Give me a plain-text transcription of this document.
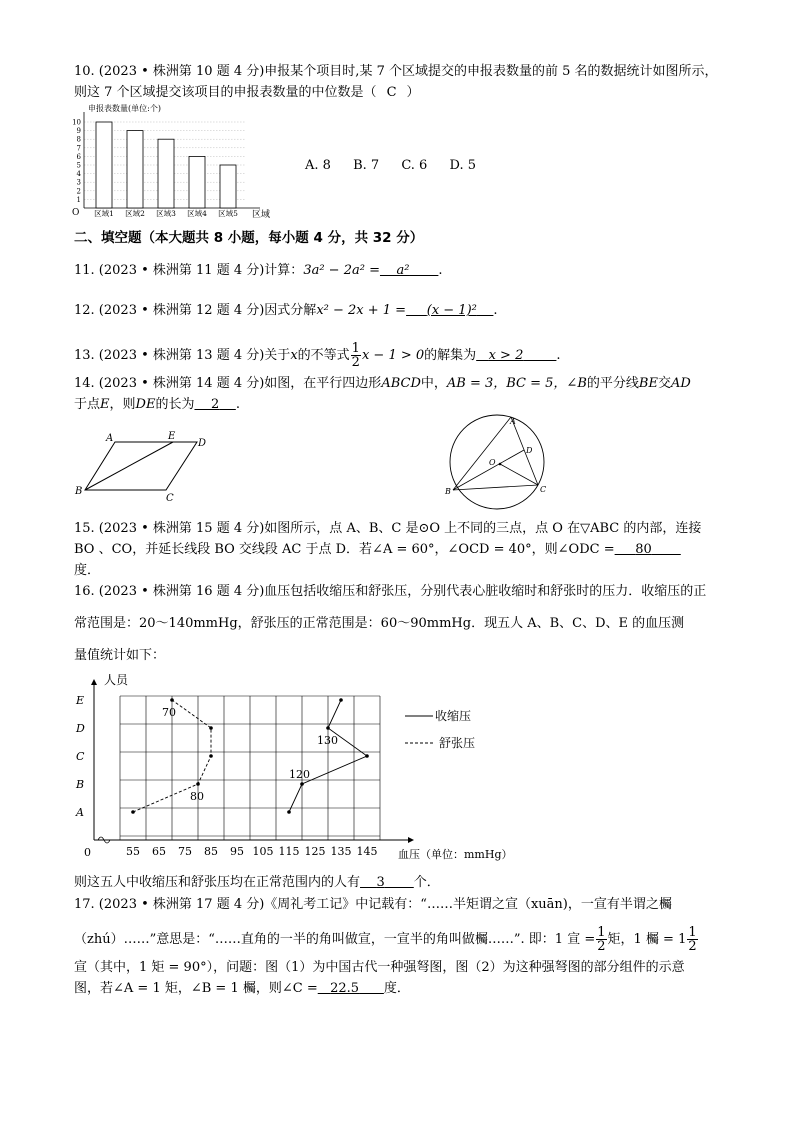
10. (2023 • 株洲第 10 题 4 分)申报某个项目时,某 7 个区域提交的申报表数量的前 5 名的数据统计如图所示，
则这 7 个区域提交该项目的申报表数量的中位数是（ C ）
申报表数量(单位:个)
1
2
3
4
5
6
7
8
9
10
区域1 区域2 区域3 区域4 区域5
O	区域
A. 8 B. 7 C. 6 D. 5
二、填空题（本大题共 8 小题，每小题 4 分，共 32 分）
11. (2023 • 株洲第 11 题 4 分)计算：3a² − 2a² = a² .
12. (2023 • 株洲第 12 题 4 分)因式分解x² − 2x + 1 = (x − 1)² .
13. (2023 • 株洲第 13 题 4 分)关于x的不等式 $\frac{1}{2}$ x − 1 > 0的解集为 x > 2	.
14. (2023 • 株洲第 14 题 4 分)如图，在平行四边形ABCD中，AB = 3，BC = 5，∠B的平分线BE交AD
于点E，则DE的长为 2 .
A	E
D
B
C
A
O
D
B	C
15. (2023 • 株洲第 15 题 4 分)如图所示，点 A、B、C 是⊙O 上不同的三点，点 O 在▽ABC 的内部，连接
BO 、CO，并延长线段 BO 交线段 AC 于点 D．若∠A = 60°，∠OCD = 40°，则∠ODC = 80
度．
16. (2023 • 株洲第 16 题 4 分)血压包括收缩压和舒张压，分别代表心脏收缩时和舒张时的压力．收缩压的正
常范围是：20～140mmHg，舒张压的正常范围是：60～90mmHg．现五人 A、B、C、D、E 的血压测
量值统计如下：
人员
A
B
C
D
E
55 65 75 85 95 105 115 125 135 145
70
130
120
80
0	血压（单位：mmHg）
收缩压
舒张压
则这五人中收缩压和舒张压均在正常范围内的人有 3 个．
17. (2023 • 株洲第 17 题 4 分)《周礼考工记》中记载有：“……半矩谓之宣（xuān)，一宣有半谓之欘
（zhú）……”意思是：“……直角的一半的角叫做宣，一宣半的角叫做欘……”. 即：1 宣 = $\frac{1}{2}$ 矩，1 欘 = $1 \frac{1}{2}$
宣（其中，1 矩 = 90°），问题：图（1）为中国古代一种强弩图，图（2）为这种强弩图的部分组件的示意
图，若∠A = 1 矩，∠B = 1 欘，则∠C = 22.5 度．
